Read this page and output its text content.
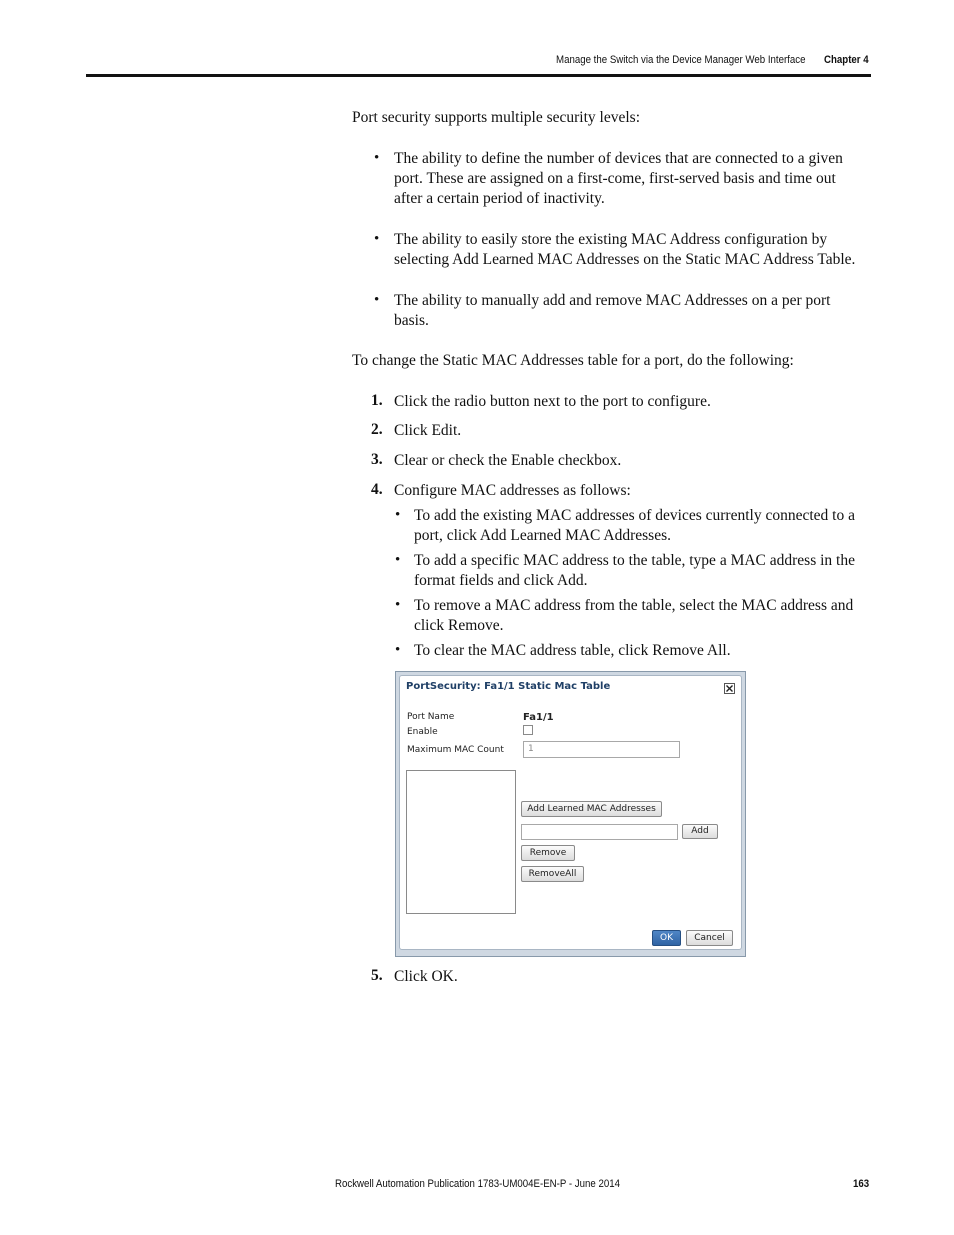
Manage the Switch via the Device Manager Web Interface Chapter 4
Port security supports multiple security levels:
• The ability to define the number of devices that are connected to a given
port. These are assigned on a first-come, first-served basis and time out
after a certain period of inactivity.
• The ability to easily store the existing MAC Address configuration by
selecting Add Learned MAC Addresses on the Static MAC Address Table.
• The ability to manually add and remove MAC Addresses on a per port
basis.
To change the Static MAC Addresses table for a port, do the following:
1. Click the radio button next to the port to configure.
2. Click Edit.
3. Clear or check the Enable checkbox.
4. Configure MAC addresses as follows:
• To add the existing MAC addresses of devices currently connected to a
port, click Add Learned MAC Addresses.
• To add a specific MAC address to the table, type a MAC address in the
format fields and click Add.
• To remove a MAC address from the table, select the MAC address and
click Remove.
• To clear the MAC address table, click Remove All.
PortSecurity: Fa1/1 Static Mac Table
Port Name	Fa1/1
Enable
Maximum MAC Count	1
Add Learned MAC Addresses
Add
Remove
RemoveAll
OK	Cancel
5. Click OK.
Rockwell Automation Publication 1783-UM004E-EN-P - June 2014	163
